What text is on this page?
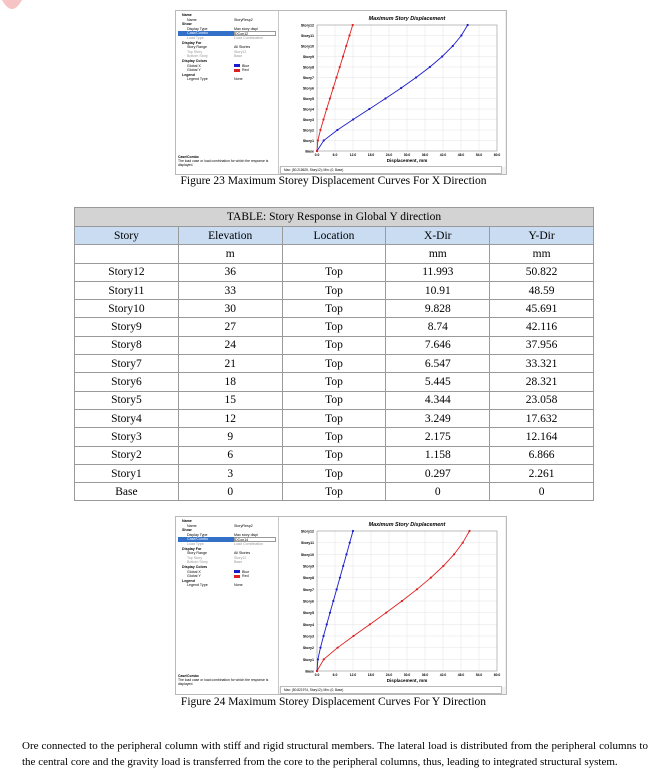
Name
Name	StoryResp2
Show
Display Type	Max story displ
Case/Combo	DCon12
Load Type	Load Combination
Display For
Story Range	All Stories
Top Story	Story12
Bottom Story	Base
Display Colors
Global X	Blue
Global Y	Red
Legend
Legend Type	None
Case/Combo
The load case or load combination for which the response is displayed.
Maximum Story Displacement
Base
Story1
Story2
Story3
Story4
Story5
Story6
Story7
Story8
Story9
Story10
Story11
Story12
0.0	6.0	12.0	18.0	24.0	30.0	36.0	42.0	48.0	54.0	60.0
Displacement, mm
Max: (50.218625, Story12); Min: (0, Base)
Figure 23 Maximum Storey Displacement Curves For X Direction
TABLE: Story Response in Global Y direction				
Story	Elevation	Location	X-Dir	Y-Dir
	m		mm	mm
Story12	36	Top	11.993	50.822
Story11	33	Top	10.91	48.59
Story10	30	Top	9.828	45.691
Story9	27	Top	8.74	42.116
Story8	24	Top	7.646	37.956
Story7	21	Top	6.547	33.321
Story6	18	Top	5.445	28.321
Story5	15	Top	4.344	23.058
Story4	12	Top	3.249	17.632
Story3	9	Top	2.175	12.164
Story2	6	Top	1.158	6.866
Story1	3	Top	0.297	2.261
Base	0	Top	0	0
Name
Name	StoryResp2
Show
Display Type	Max story displ
Case/Combo	DCon14
Load Type	Load Combination
Display For
Story Range	All Stories
Top Story	Story12
Bottom Story	Base
Display Colors
Global X	Blue
Global Y	Red
Legend
Legend Type	None
Case/Combo
The load case or load combination for which the response is displayed.
Maximum Story Displacement
Base
Story1
Story2
Story3
Story4
Story5
Story6
Story7
Story8
Story9
Story10
Story11
Story12
0.0	6.0	12.0	18.0	24.0	30.0	36.0	42.0	48.0	54.0	60.0
Displacement, mm
Max: (50.821974, Story12); Min: (0, Base)
Figure 24 Maximum Storey Displacement Curves For Y Direction

Ore connected to the peripheral column with stiff and rigid structural members. The lateral load is distributed from the peripheral columns to the central core and the gravity load is transferred from the core to the peripheral columns, thus, leading to integrated structural system.
